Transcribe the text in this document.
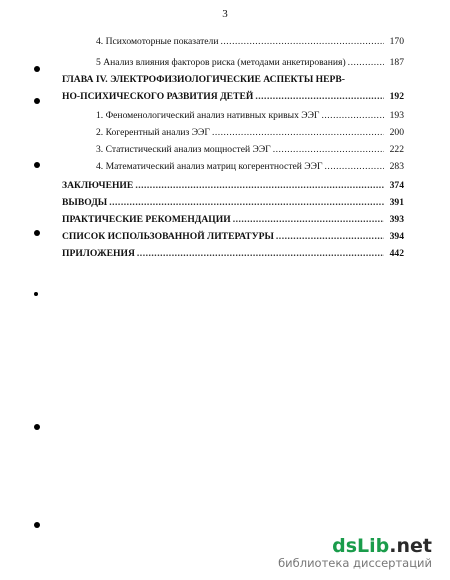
3
4. Психомоторные показатели .....	170
5 Анализ влияния факторов риска (методами анкетирования) .....	187
ГЛАВА IV. ЭЛЕКТРОФИЗИОЛОГИЧЕСКИЕ АСПЕКТЫ НЕРВ-
НО-ПСИХИЧЕСКОГО РАЗВИТИЯ ДЕТЕЙ .....	192
1. Феноменологический анализ нативных кривых ЭЭГ .....	193
2. Когерентный анализ ЭЭГ .....	200
3. Статистический анализ мощностей ЭЭГ .....	222
4. Математический анализ матриц когерентностей ЭЭГ .....	283
ЗАКЛЮЧЕНИЕ .....	374
ВЫВОДЫ .....	391
ПРАКТИЧЕСКИЕ РЕКОМЕНДАЦИИ .....	393
СПИСОК ИСПОЛЬЗОВАННОЙ ЛИТЕРАТУРЫ .....	394
ПРИЛОЖЕНИЯ .....	442
dsLib.net
библиотека диссертаций
